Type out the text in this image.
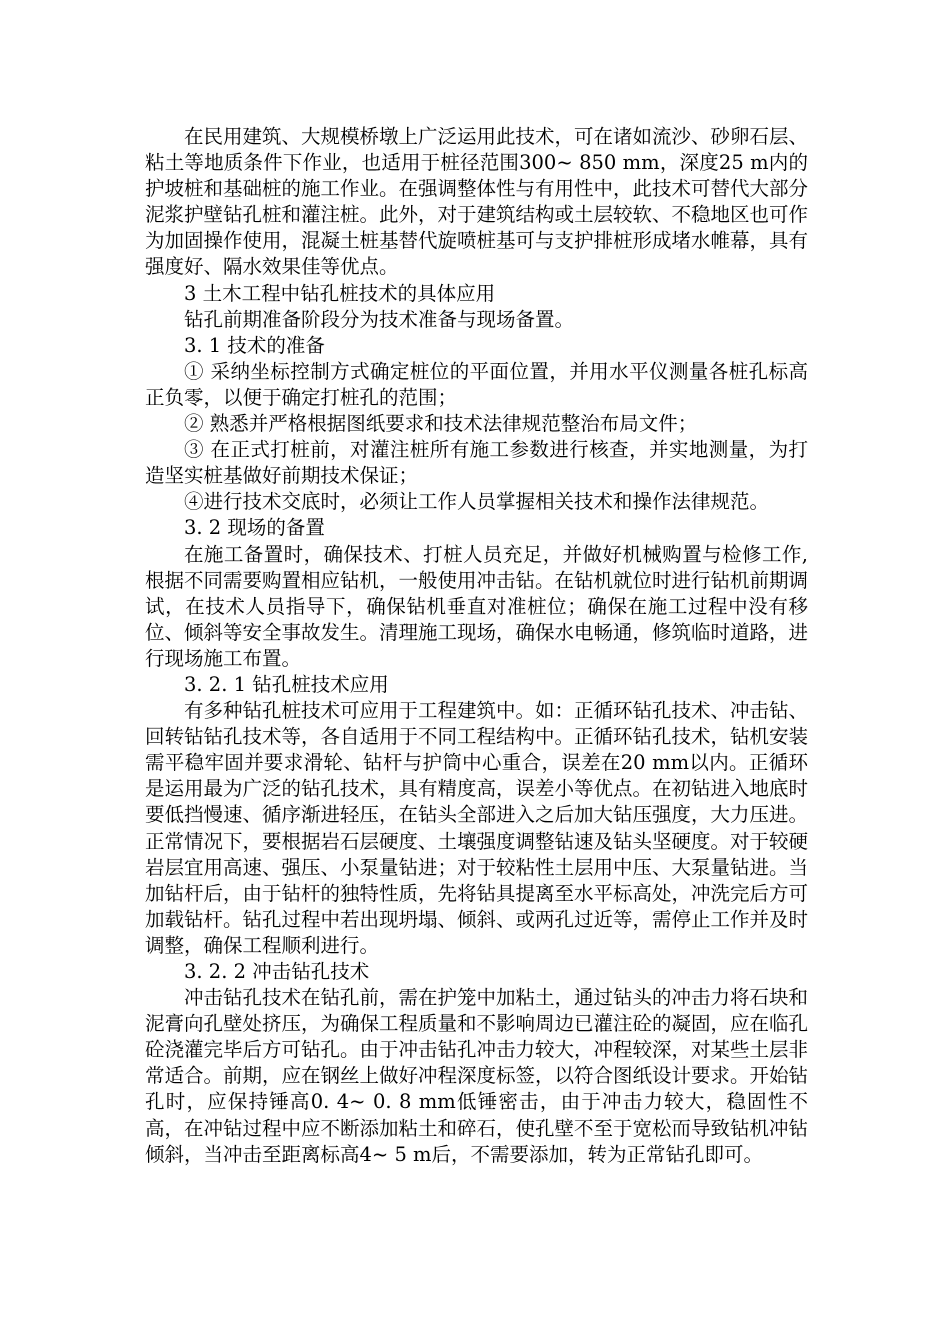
在民用建筑、大规模桥墩上广泛运用此技术，可在诸如流沙、砂卵石层、粘土等地质条件下作业，也适用于桩径范围300~ 850 mm，深度25 m内的护坡桩和基础桩的施工作业。在强调整体性与有用性中，此技术可替代大部分泥浆护壁钻孔桩和灌注桩。此外，对于建筑结构或土层较软、不稳地区也可作为加固操作使用，混凝土桩基替代旋喷桩基可与支护排桩形成堵水帷幕，具有强度好、隔水效果佳等优点。

3 土木工程中钻孔桩技术的具体应用

钻孔前期准备阶段分为技术准备与现场备置。

3. 1 技术的准备

① 采纳坐标控制方式确定桩位的平面位置，并用水平仪测量各桩孔标高正负零，以便于确定打桩孔的范围；

② 熟悉并严格根据图纸要求和技术法律规范整治布局文件；

③ 在正式打桩前，对灌注桩所有施工参数进行核查，并实地测量，为打造坚实桩基做好前期技术保证；

④进行技术交底时，必须让工作人员掌握相关技术和操作法律规范。

3. 2 现场的备置

在施工备置时，确保技术、打桩人员充足，并做好机械购置与检修工作,根据不同需要购置相应钻机，一般使用冲击钻。在钻机就位时进行钻机前期调试，在技术人员指导下，确保钻机垂直对准桩位；确保在施工过程中没有移位、倾斜等安全事故发生。清理施工现场，确保水电畅通，修筑临时道路，进行现场施工布置。

3. 2. 1 钻孔桩技术应用

有多种钻孔桩技术可应用于工程建筑中。如：正循环钻孔技术、冲击钻、回转钻钻孔技术等，各自适用于不同工程结构中。正循环钻孔技术，钻机安装需平稳牢固并要求滑轮、钻杆与护筒中心重合，误差在20 mm以内。正循环是运用最为广泛的钻孔技术，具有精度高，误差小等优点。在初钻进入地底时要低挡慢速、循序渐进轻压，在钻头全部进入之后加大钻压强度，大力压进。正常情况下，要根据岩石层硬度、土壤强度调整钻速及钻头坚硬度。对于较硬岩层宜用高速、强压、小泵量钻进；对于较粘性土层用中压、大泵量钻进。当加钻杆后，由于钻杆的独特性质，先将钻具提离至水平标高处，冲洗完后方可加载钻杆。钻孔过程中若出现坍塌、倾斜、或两孔过近等，需停止工作并及时调整，确保工程顺利进行。

3. 2. 2 冲击钻孔技术

冲击钻孔技术在钻孔前，需在护笼中加粘土，通过钻头的冲击力将石块和泥膏向孔壁处挤压，为确保工程质量和不影响周边已灌注砼的凝固，应在临孔砼浇灌完毕后方可钻孔。由于冲击钻孔冲击力较大，冲程较深，对某些土层非常适合。前期，应在钢丝上做好冲程深度标签，以符合图纸设计要求。开始钻孔时，应保持锤高0. 4~ 0. 8 mm低锤密击，由于冲击力较大，稳固性不高，在冲钻过程中应不断添加粘土和碎石，使孔壁不至于宽松而导致钻机冲钻倾斜，当冲击至距离标高4~ 5 m后，不需要添加，转为正常钻孔即可。
